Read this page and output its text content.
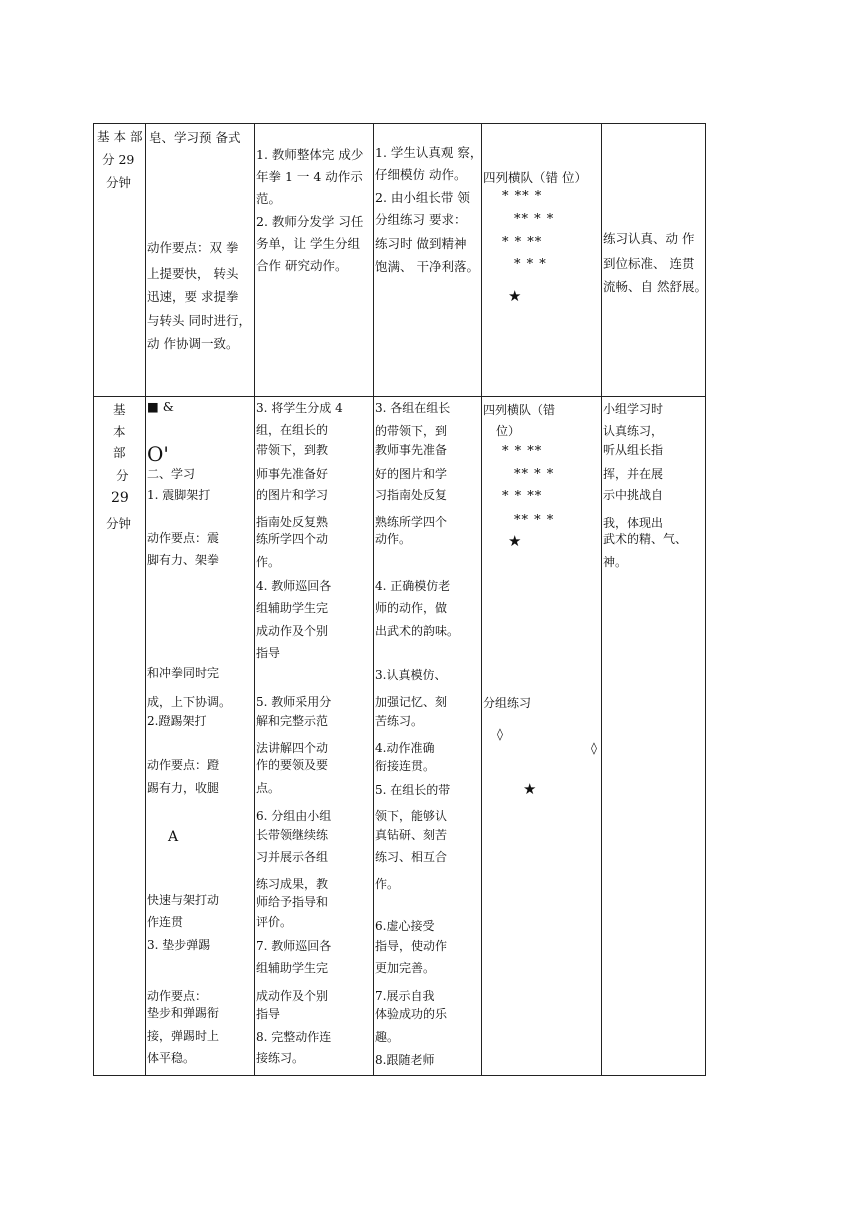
基 本 部
分 29
分钟
皂、学习预 备式
动作要点：双 拳
上提要快， 转头
迅速，要 求提拳
与转头 同时进行，
动 作协调一致。
1. 教师整体完 成少
年拳 1 一 4 动作示
范。
2. 教师分发学 习任
务单，让 学生分组
合作 研究动作。
1. 学生认真观 察，
仔细模仿 动作。
2. 由小组长带 领
分组练习 要求：
练习时 做到精神
饱满、 干净利落。
四列横队（错 位）
* ** *
** * *
* * **
* * *
★
练习认真、动 作
到位标准、 连贯
流畅、自 然舒展。
基
本
部
分
29
分钟
■ &
O'
二、学习
1. 震脚架打
动作要点：震
脚有力、架拳
和冲拳同时完
成，上下协调。
2.蹬踢架打
动作要点：蹬
踢有力，收腿
A
快速与架打动
作连贯
3. 垫步弹踢
动作要点：
垫步和弹踢衔
接，弹踢时上
体平稳。
3. 将学生分成 4
组，在组长的
带领下，到教
师事先准备好
的图片和学习
指南处反复熟
练所学四个动
作。
4. 教师巡回各
组辅助学生完
成动作及个别
指导
5. 教师采用分
解和完整示范
法讲解四个动
作的要领及要
点。
6. 分组由小组
长带领继续练
习并展示各组
练习成果，教
师给予指导和
评价。
7. 教师巡回各
组辅助学生完
成动作及个别
指导
8. 完整动作连
接练习。
3. 各组在组长
的带领下，到
教师事先准备
好的图片和学
习指南处反复
熟练所学四个
动作。
4. 正确模仿老
师的动作，做
出武术的韵味。
3.认真模仿、
加强记忆、刻
苦练习。
4.动作准确
衔接连贯。
5. 在组长的带
领下，能够认
真钻研、刻苦
练习、相互合
作。
6.虚心接受
指导，使动作
更加完善。
7.展示自我
体验成功的乐
趣。
8.跟随老师
四列横队（错
位）
* * **
** * *
* * **
** * *
★
分组练习
◊
◊
★
小组学习时
认真练习，
听从组长指
挥，并在展
示中挑战自
我，体现出
武术的精、气、
神。
